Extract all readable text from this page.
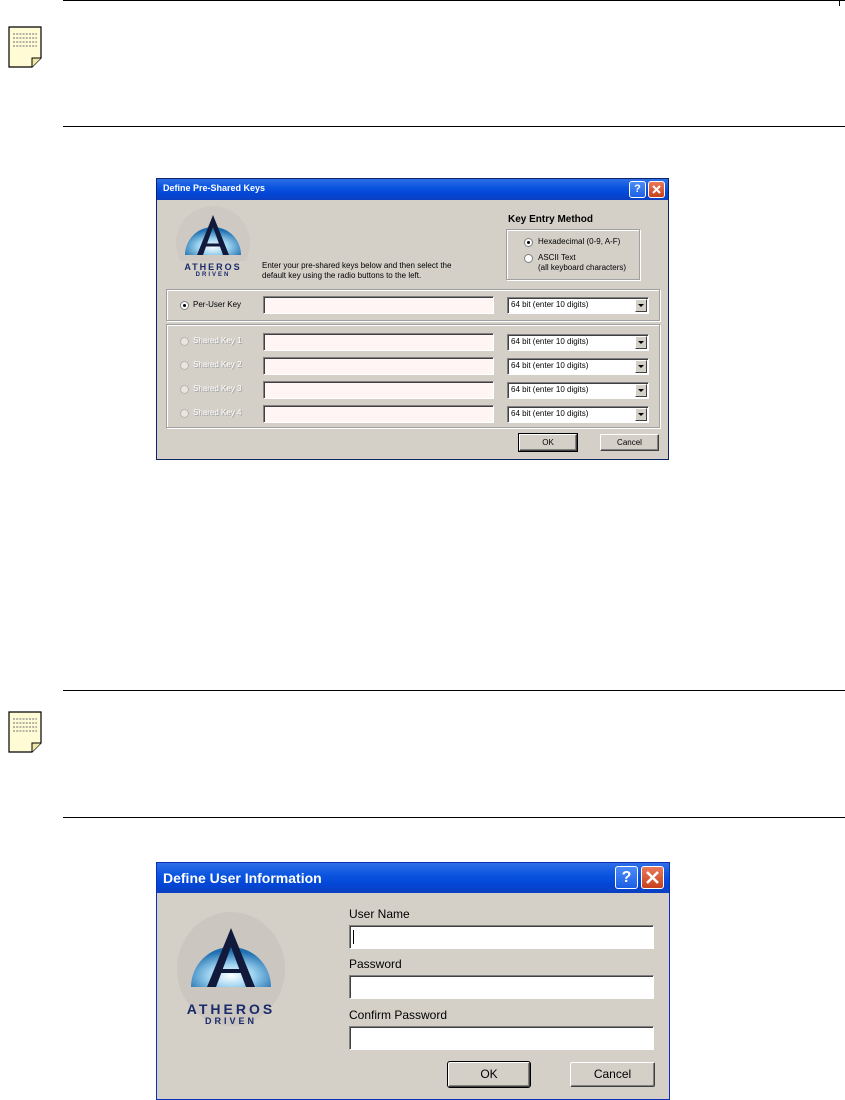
Define Pre-Shared Keys	?
ATHEROS
DRIVEN
Enter your pre-shared keys below and then select the
default key using the radio buttons to the left.
Key Entry Method
Hexadecimal (0-9, A-F)
ASCII Text
(all keyboard characters)
Per-User Key	64 bit (enter 10 digits)
Shared Key 1	64 bit (enter 10 digits)
Shared Key 2	64 bit (enter 10 digits)
Shared Key 3	64 bit (enter 10 digits)
Shared Key 4	64 bit (enter 10 digits)
OK	Cancel
Define User Information	?
ATHEROS
DRIVEN
User Name
Password
Confirm Password
OK	Cancel
